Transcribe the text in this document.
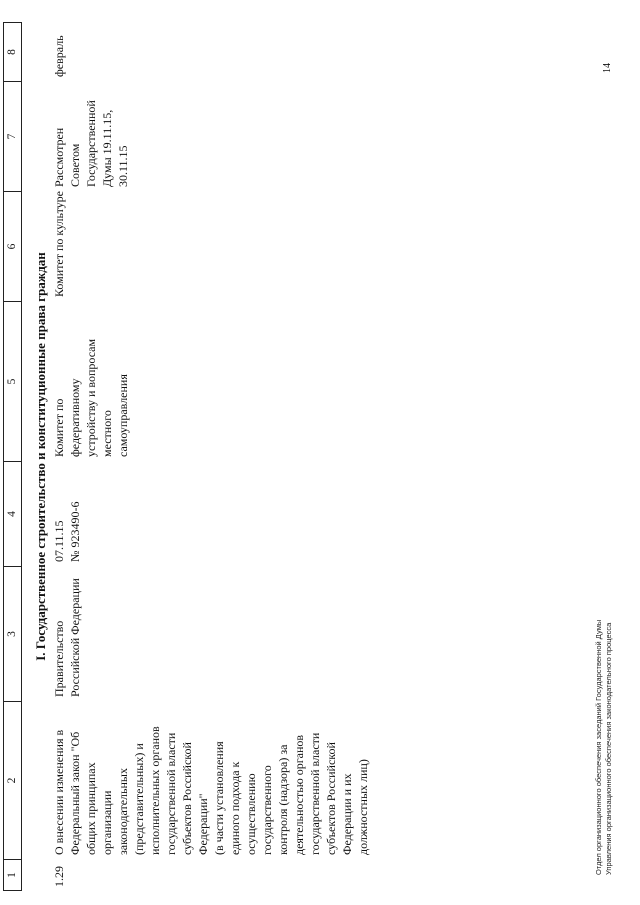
1
2
3
4
5
6
7
8
I. Государственное строительство и конституционные права граждан
1.29
О внесении изменения в Федеральный закон "Об общих принципах организации законодательных (представительных) и исполнительных органов государственной власти субъектов Российской Федерации" (в части установления единого подхода к осуществлению государственного контроля (надзора) за деятельностью органов государственной власти субъектов Российской Федерации и их должностных лиц)
Правительство Российской Федерации
07.11.15 № 923490-6
Комитет по федеративному устройству и вопросам местного самоуправления
Комитет по культуре
Рассмотрен Советом Государственной Думы 19.11.15, 30.11.15
февраль
Отдел организационного обеспечения заседаний Государственной Думы Управления организационного обеспечения законодательного процесса
14
